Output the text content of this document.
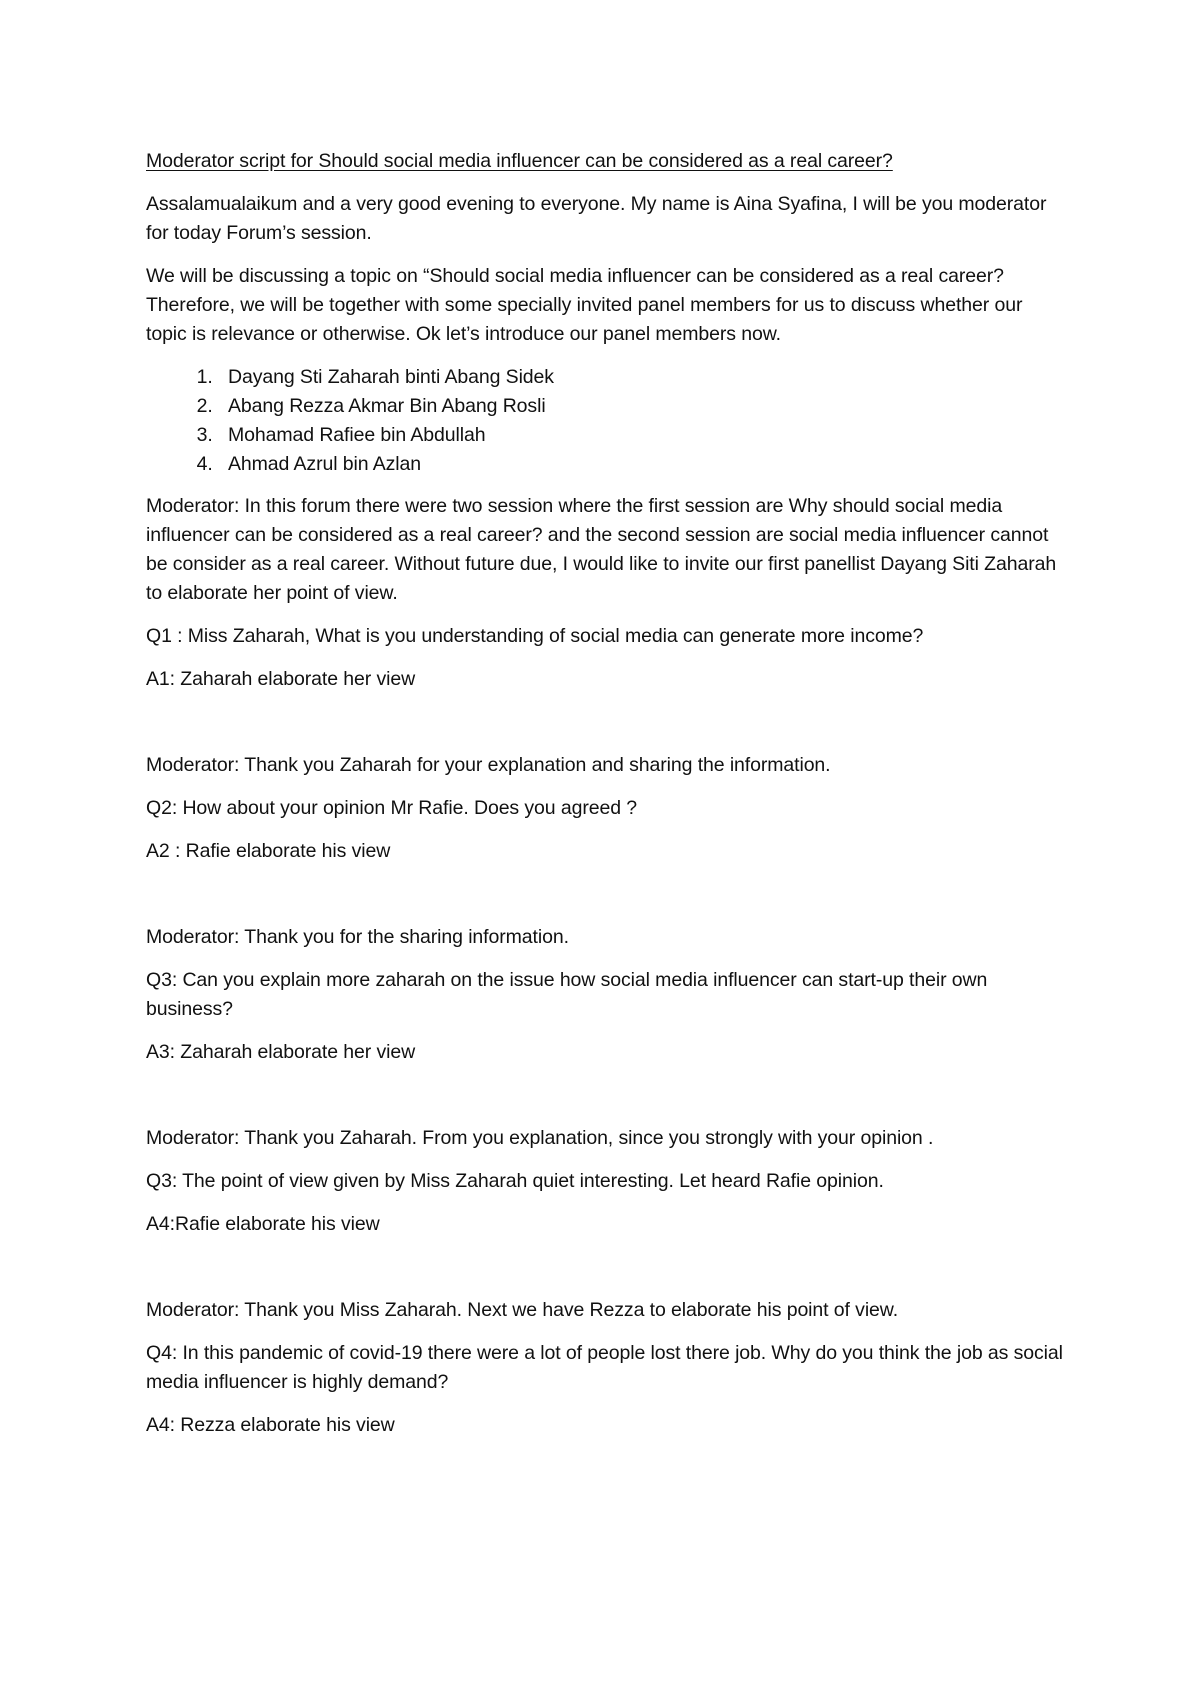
Moderator script for Should social media influencer can be considered as a real career?

Assalamualaikum and a very good evening to everyone. My name is Aina Syafina, I will be you moderator for today Forum’s session.

We will be discussing a topic on “Should social media influencer can be considered as a real career? Therefore, we will be together with some specially invited panel members for us to discuss whether our topic is relevance or otherwise. Ok let’s introduce our panel members now.

1. Dayang Sti Zaharah binti Abang Sidek
2. Abang Rezza Akmar Bin Abang Rosli
3. Mohamad Rafiee bin Abdullah
4. Ahmad Azrul bin Azlan

Moderator: In this forum there were two session where the first session are Why should social media influencer can be considered as a real career? and the second session are social media influencer cannot be consider as a real career. Without future due, I would like to invite our first panellist Dayang Siti Zaharah to elaborate her point of view.

Q1 : Miss Zaharah, What is you understanding of social media can generate more income?

A1: Zaharah elaborate her view

Moderator: Thank you Zaharah for your explanation and sharing the information.

Q2: How about your opinion Mr Rafie. Does you agreed ?

A2 : Rafie elaborate his view

Moderator: Thank you for the sharing information.

Q3: Can you explain more zaharah on the issue how social media influencer can start-up their own business?

A3: Zaharah elaborate her view

Moderator: Thank you Zaharah. From you explanation, since you strongly with your opinion .

Q3: The point of view given by Miss Zaharah quiet interesting. Let heard Rafie opinion.

A4:Rafie elaborate his view

Moderator: Thank you Miss Zaharah. Next we have Rezza to elaborate his point of view.

Q4: In this pandemic of covid-19 there were a lot of people lost there job. Why do you think the job as social media influencer is highly demand?

A4: Rezza elaborate his view
